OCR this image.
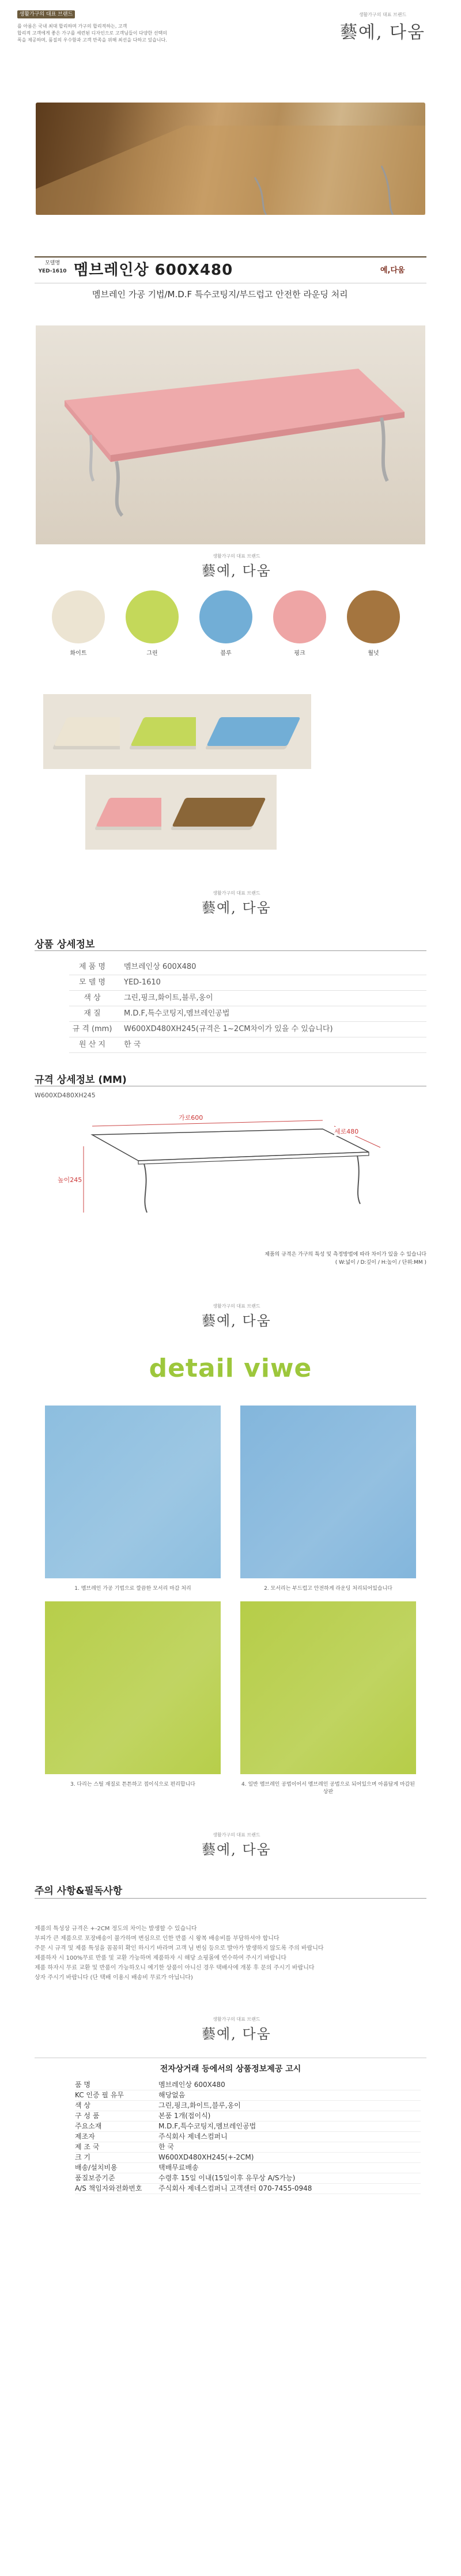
생활가구의 대표 브랜드
를 아름은 국내 최대 합리하며 가구의 합리적하는, 고객
합리적 고객에게 좋은 가구를 세련된 디자인으로 고객님들이 다양한 선택의
폭을 제공하며, 품질의 우수함과 고객 만족을 위해 최선을 다하고 있습니다.
생활가구의 대표 브랜드
藝예, 다움
모델명
YED-1610 멤브레인상 600X480	예,다움
멤브레인 가공 기법/M.D.F 특수코팅지/부드럽고 안전한 라운딩 처리
생활가구의 대표 브랜드
藝예, 다움
화이트	그린	블루	핑크	월넛
생활가구의 대표 브랜드
藝예, 다움
상품 상세정보
제 품 명	멤브레인상 600X480
모 델 명	YED-1610
색 상	그린,핑크,화이트,블루,옹이
재 질	M.D.F,특수코팅지,멤브레인공법
규 격 (mm)	W600XD480XH245(규격은 1~2CM차이가 있을 수 있습니다)
원 산 지	한 국
규격 상세정보 (MM)
W600XD480XH245
가로600
세로480
높이245
제품의 규격은 가구의 특성 및 측정방법에 따라 차이가 있을 수 있습니다
( W:넓이 / D:깊이 / H:높이 / 단위:MM )
생활가구의 대표 브랜드
藝예, 다움
detail viwe
1. 멤브레인 가공 기법으로 깔끔한 모서리 마감 처리	2. 모서리는 부드럽고 안전하게 라운딩 처리되어있습니다
3. 다리는 스틸 재질로 튼튼하고 접이식으로 편리합니다	4. 일반 멤브레인 공법이어서 멤브레인 공법으로 되어있으며 아름답게 마감된 상판
생활가구의 대표 브랜드
藝예, 다움
주의 사항&필독사항
제품의 특성상 규격은 +-2CM 정도의 차이는 발생할 수 있습니다
부피가 큰 제품으로 포장배송이 불가하며 변심으로 인한 반품 시 왕복 배송비를 부담하셔야 합니다
주문 시 규격 및 제품 특성을 꼼꼼히 확인 하시기 바라며 고객 님 변심 등으로 발아가 발생하지 않도록 주의 바랍니다
제품하자 시 100%무료 반품 및 교환 가능하며 제품하자 시 해당 쇼핑몰에 연수하여 주시기 바랍니다
제품 하자시 무료 교환 및 반품이 가능하오니 예기한 상품이 아니신 경우 택배사에 개봉 후 문의 주시기 바랍니다
상자 주시기 바랍니다 (단 택배 이용시 배송비 무료가 아닙니다)
생활가구의 대표 브랜드
藝예, 다움
전자상거래 등에서의 상품정보제공 고시
품 명	멤브레인상 600X480
KC 인증 필 유무	해당없음
색 상	그린,핑크,화이트,블루,옹이
구 성 품	본품 1개(접이식)
주요소재	M.D.F,특수코팅지,멤브레인공법
제조자	주식회사 제네스컴퍼니
제 조 국	한 국
크 기	W600XD480XH245(+-2CM)
배송/설치비용	택배무료배송
품질보증기준	수령후 15일 이내(15일이후 유무상 A/S가능)
A/S 책임자와전화번호	주식회사 제네스컴퍼니 고객센터 070-7455-0948
